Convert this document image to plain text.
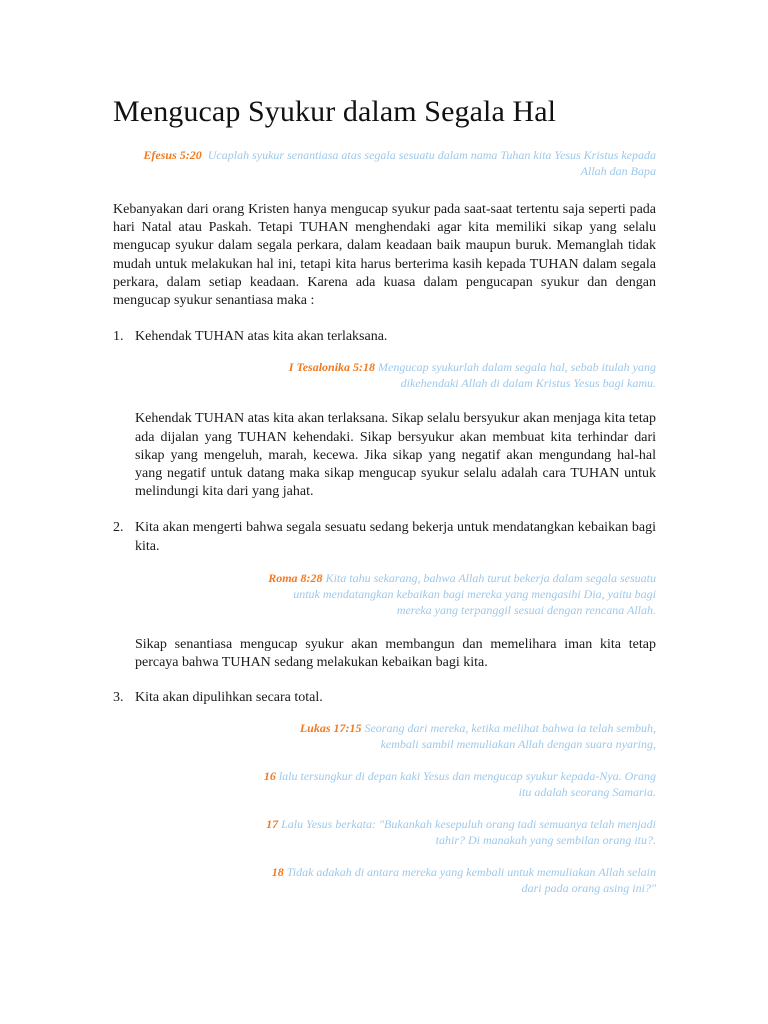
Mengucap Syukur dalam Segala Hal
Efesus 5:20 Ucaplah syukur senantiasa atas segala sesuatu dalam nama Tuhan kita Yesus Kristus kepada Allah dan Bapa

Kebanyakan dari orang Kristen hanya mengucap syukur pada saat-saat tertentu saja seperti pada hari Natal atau Paskah. Tetapi TUHAN menghendaki agar kita memiliki sikap yang selalu mengucap syukur dalam segala perkara, dalam keadaan baik maupun buruk. Memanglah tidak mudah untuk melakukan hal ini, tetapi kita harus berterima kasih kepada TUHAN dalam segala perkara, dalam setiap keadaan. Karena ada kuasa dalam pengucapan syukur dan dengan mengucap syukur senantiasa maka :

1. Kehendak TUHAN atas kita akan terlaksana.
I Tesalonika 5:18 Mengucap syukurlah dalam segala hal, sebab itulah yang dikehendaki Allah di dalam Kristus Yesus bagi kamu.

Kehendak TUHAN atas kita akan terlaksana. Sikap selalu bersyukur akan menjaga kita tetap ada dijalan yang TUHAN kehendaki. Sikap bersyukur akan membuat kita terhindar dari sikap yang mengeluh, marah, kecewa. Jika sikap yang negatif akan mengundang hal-hal yang negatif untuk datang maka sikap mengucap syukur selalu adalah cara TUHAN untuk melindungi kita dari yang jahat.

2. Kita akan mengerti bahwa segala sesuatu sedang bekerja untuk mendatangkan kebaikan bagi kita.
Roma 8:28 Kita tahu sekarang, bahwa Allah turut bekerja dalam segala sesuatu untuk mendatangkan kebaikan bagi mereka yang mengasihi Dia, yaitu bagi mereka yang terpanggil sesuai dengan rencana Allah.

Sikap senantiasa mengucap syukur akan membangun dan memelihara iman kita tetap percaya bahwa TUHAN sedang melakukan kebaikan bagi kita.

3. Kita akan dipulihkan secara total.
Lukas 17:15 Seorang dari mereka, ketika melihat bahwa ia telah sembuh, kembali sambil memuliakan Allah dengan suara nyaring,
16 lalu tersungkur di depan kaki Yesus dan mengucap syukur kepada-Nya. Orang itu adalah seorang Samaria.
17 Lalu Yesus berkata: "Bukankah kesepuluh orang tadi semuanya telah menjadi tahir? Di manakah yang sembilan orang itu?.
18 Tidak adakah di antara mereka yang kembali untuk memuliakan Allah selain dari pada orang asing ini?"
